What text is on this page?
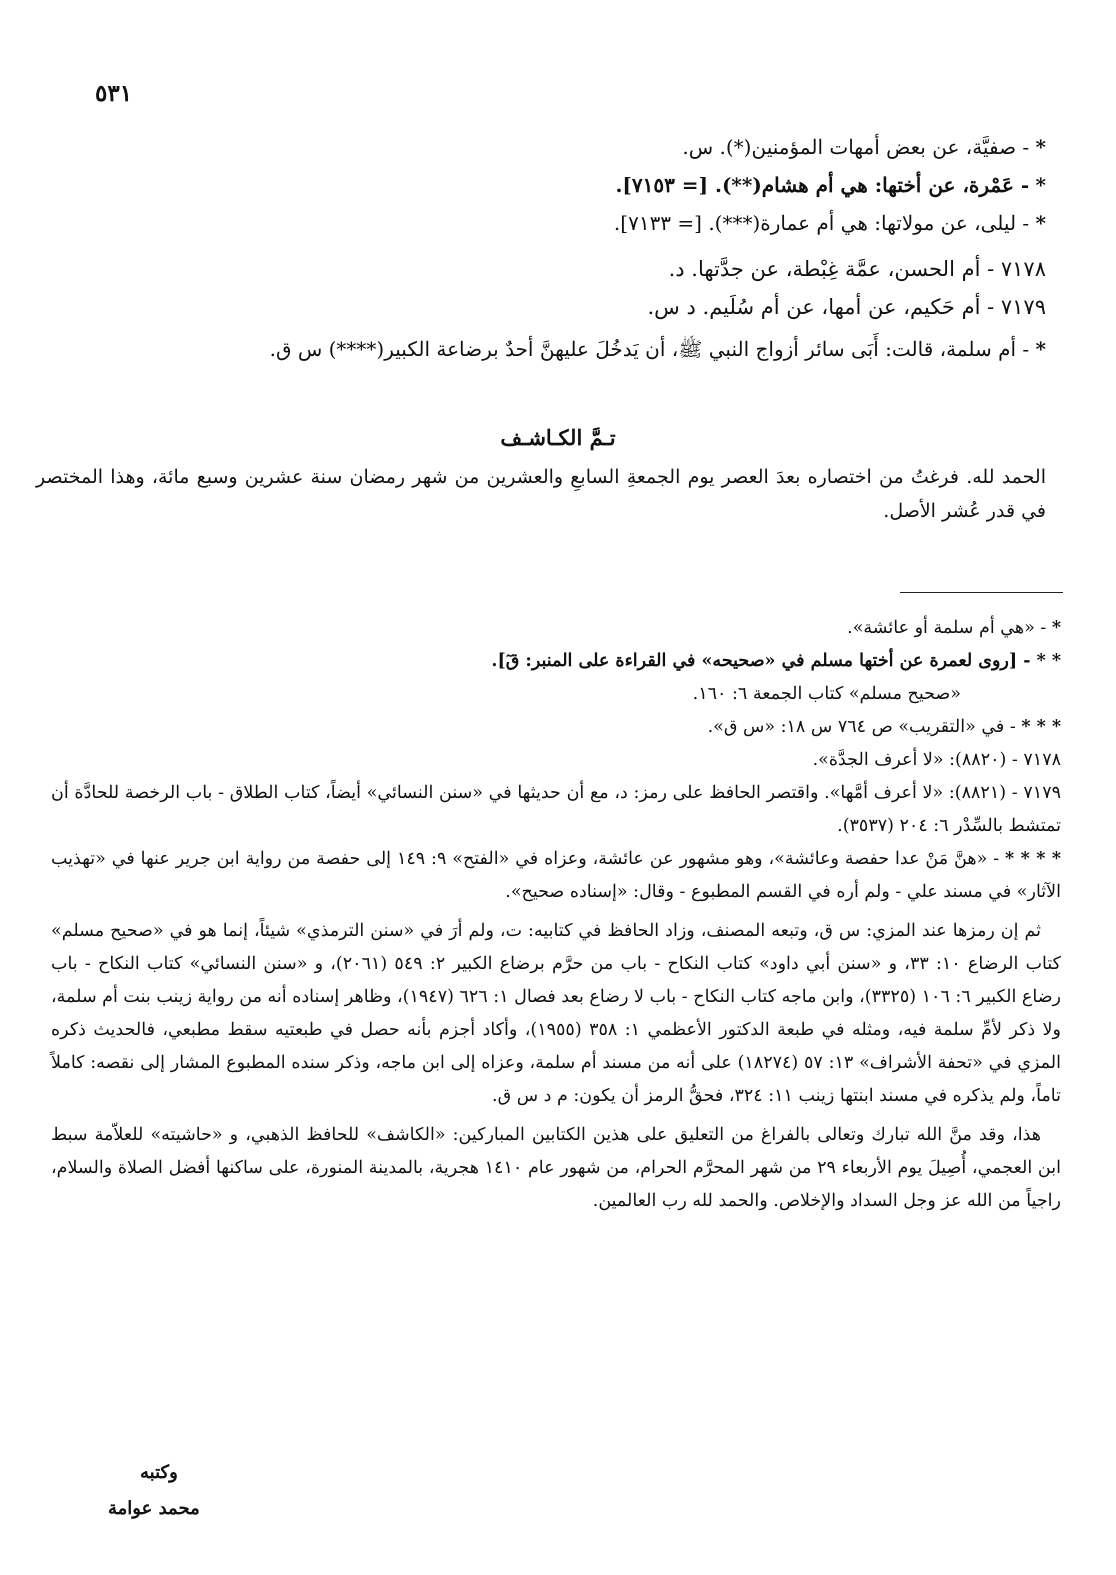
٥٣١
* - صفيَّة، عن بعض أمهات المؤمنين(*). س.
* - عَمْرة، عن أختها: هي أم هشام(**). [= ٧١٥٣].
* - ليلى، عن مولاتها: هي أم عمارة(***). [= ٧١٣٣].
٧١٧٨ - أم الحسن، عمَّة غِبْطة، عن جدَّتها. د.
٧١٧٩ - أم حَكيم، عن أمها، عن أم سُلَيم. د س.
* - أم سلمة، قالت: أَبَى سائر أزواج النبي ﷺ، أن يَدخُلَ عليهنَّ أحدٌ برضاعة الكبير(****) س ق.
تـمَّ الكـاشـف
الحمد لله. فرغتُ من اختصاره بعدَ العصر يوم الجمعةِ السابعِ والعشرين من شهر رمضان سنة عشرين وسبع مائة، وهذا المختصر في قدر عُشر الأصل.
* - «هي أم سلمة أو عائشة».
* * - [روى لعمرة عن أختها مسلم في «صحيحه» في القراءة على المنبر: قٓ].
«صحيح مسلم» كتاب الجمعة ٦: ١٦٠.
* * * - في «التقريب» ص ٧٦٤ س ١٨: «س ق».
٧١٧٨ - (٨٨٢٠): «لا أعرف الجدَّة».
٧١٧٩ - (٨٨٢١): «لا أعرف أمَّها». واقتصر الحافظ على رمز: د، مع أن حديثها في «سنن النسائي» أيضاً، كتاب الطلاق - باب الرخصة للحادَّة أن تمتشط بالسِّدْر ٦: ٢٠٤ (٣٥٣٧).
* * * * - «هنَّ مَنْ عدا حفصة وعائشة»، وهو مشهور عن عائشة، وعزاه في «الفتح» ٩: ١٤٩ إلى حفصة من رواية ابن جرير عنها في «تهذيب الآثار» في مسند علي - ولم أره في القسم المطبوع - وقال: «إسناده صحيح».
ثم إن رمزها عند المزي: س ق، وتبعه المصنف، وزاد الحافظ في كتابيه: ت، ولم أرَ في «سنن الترمذي» شيئاً، إنما هو في «صحيح مسلم» كتاب الرضاع ١٠: ٣٣، و «سنن أبي داود» كتاب النكاح - باب من حرَّم برضاع الكبير ٢: ٥٤٩ (٢٠٦١)، و «سنن النسائي» كتاب النكاح - باب رضاع الكبير ٦: ١٠٦ (٣٣٢٥)، وابن ماجه كتاب النكاح - باب لا رضاع بعد فصال ١: ٦٢٦ (١٩٤٧)، وظاهر إسناده أنه من رواية زينب بنت أم سلمة، ولا ذكر لأمِّ سلمة فيه، ومثله في طبعة الدكتور الأعظمي ١: ٣٥٨ (١٩٥٥)، وأكاد أجزم بأنه حصل في طبعتيه سقط مطبعي، فالحديث ذكره المزي في «تحفة الأشراف» ١٣: ٥٧ (١٨٢٧٤) على أنه من مسند أم سلمة، وعزاه إلى ابن ماجه، وذكر سنده المطبوع المشار إلى نقصه: كاملاً تاماً، ولم يذكره في مسند ابنتها زينب ١١: ٣٢٤، فحقُّ الرمز أن يكون: م د س ق.
هذا، وقد منَّ الله تبارك وتعالى بالفراغ من التعليق على هذين الكتابين المباركين: «الكاشف» للحافظ الذهبي، و «حاشيته» للعلاّمة سبط ابن العجمي، أُصِيلَ يوم الأربعاء ٢٩ من شهر المحرَّم الحرام، من شهور عام ١٤١٠ هجرية، بالمدينة المنورة، على ساكنها أفضل الصلاة والسلام، راجياً من الله عز وجل السداد والإخلاص. والحمد لله رب العالمين.
وكتبه
محمد عوامة
